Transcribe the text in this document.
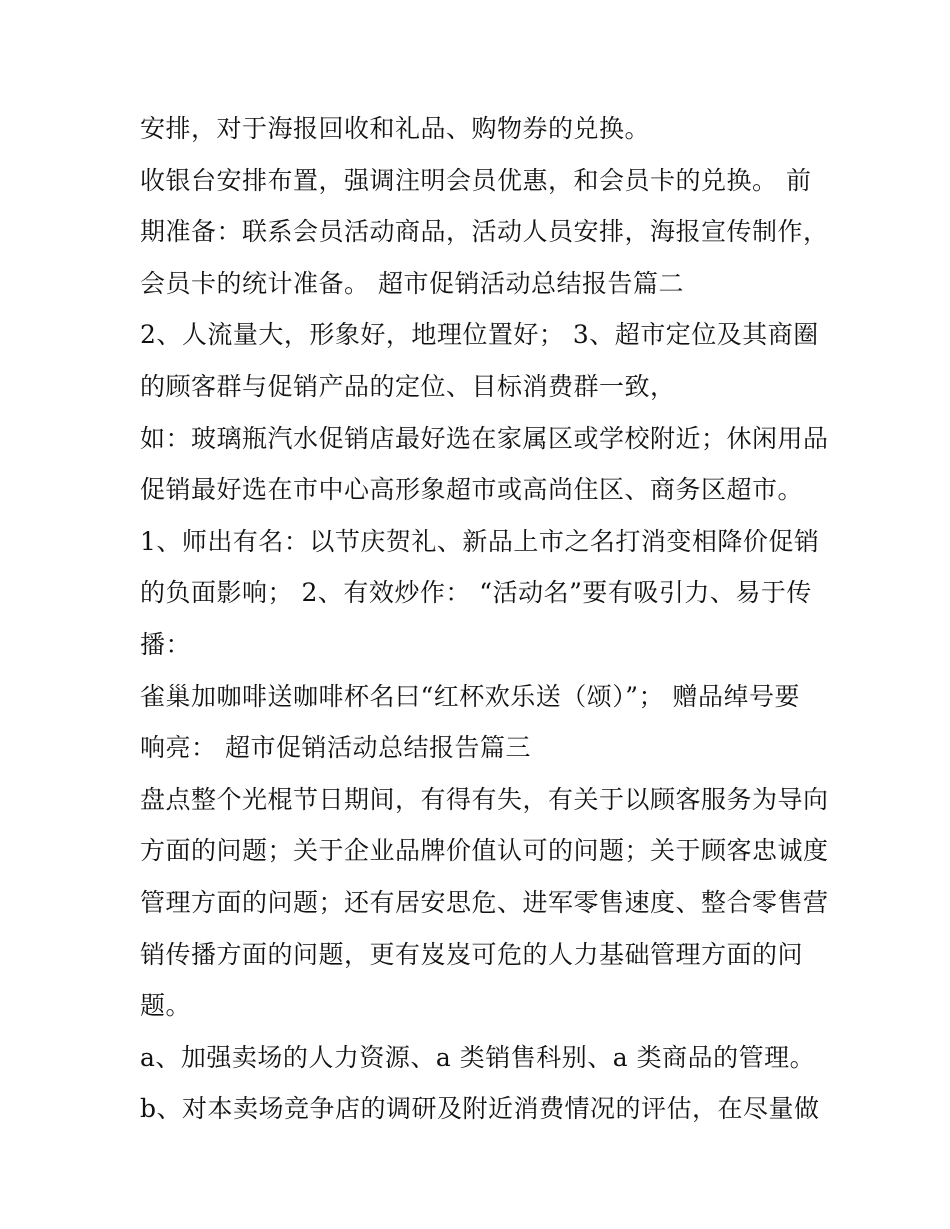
安排，对于海报回收和礼品、购物券的兑换。
收银台安排布置，强调注明会员优惠，和会员卡的兑换。 前
期准备：联系会员活动商品，活动人员安排，海报宣传制作，
会员卡的统计准备。 超市促销活动总结报告篇二
2、人流量大，形象好，地理位置好； 3、超市定位及其商圈
的顾客群与促销产品的定位、目标消费群一致，
如：玻璃瓶汽水促销店最好选在家属区或学校附近；休闲用品
促销最好选在市中心高形象超市或高尚住区、商务区超市。
1、师出有名：以节庆贺礼、新品上市之名打消变相降价促销
的负面影响； 2、有效炒作： “活动名”要有吸引力、易于传
播：
雀巢加咖啡送咖啡杯名曰“红杯欢乐送（颂）”； 赠品绰号要
响亮： 超市促销活动总结报告篇三
盘点整个光棍节日期间，有得有失，有关于以顾客服务为导向
方面的问题；关于企业品牌价值认可的问题；关于顾客忠诚度
管理方面的问题；还有居安思危、进军零售速度、整合零售营
销传播方面的问题，更有岌岌可危的人力基础管理方面的问
题。
a、加强卖场的人力资源、a 类销售科别、a 类商品的管理。
b、对本卖场竞争店的调研及附近消费情况的评估，在尽量做
